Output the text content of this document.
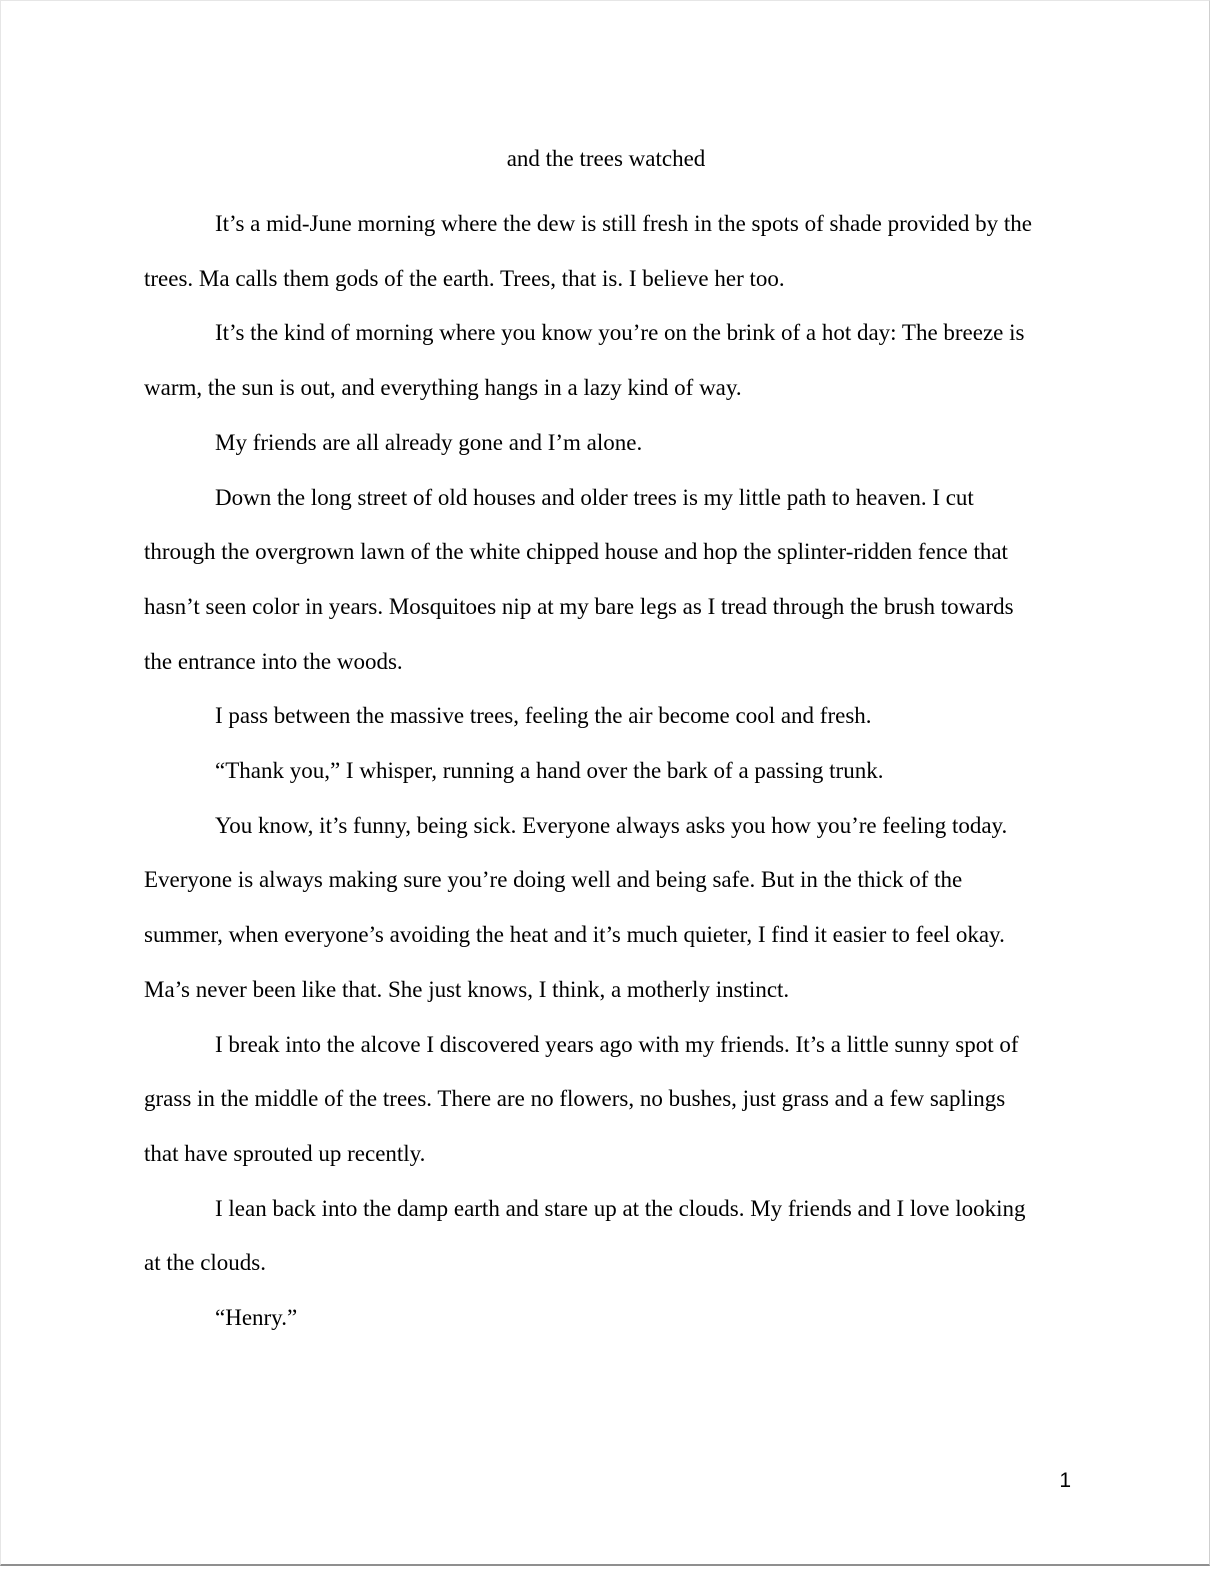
and the trees watched

It’s a mid-June morning where the dew is still fresh in the spots of shade provided by the
trees. Ma calls them gods of the earth. Trees, that is. I believe her too.

It’s the kind of morning where you know you’re on the brink of a hot day: The breeze is
warm, the sun is out, and everything hangs in a lazy kind of way.

My friends are all already gone and I’m alone.

Down the long street of old houses and older trees is my little path to heaven. I cut
through the overgrown lawn of the white chipped house and hop the splinter-ridden fence that
hasn’t seen color in years. Mosquitoes nip at my bare legs as I tread through the brush towards
the entrance into the woods.

I pass between the massive trees, feeling the air become cool and fresh.

“Thank you,” I whisper, running a hand over the bark of a passing trunk.

You know, it’s funny, being sick. Everyone always asks you how you’re feeling today.
Everyone is always making sure you’re doing well and being safe. But in the thick of the
summer, when everyone’s avoiding the heat and it’s much quieter, I find it easier to feel okay.
Ma’s never been like that. She just knows, I think, a motherly instinct.

I break into the alcove I discovered years ago with my friends. It’s a little sunny spot of
grass in the middle of the trees. There are no flowers, no bushes, just grass and a few saplings
that have sprouted up recently.

I lean back into the damp earth and stare up at the clouds. My friends and I love looking
at the clouds.

“Henry.”

1
